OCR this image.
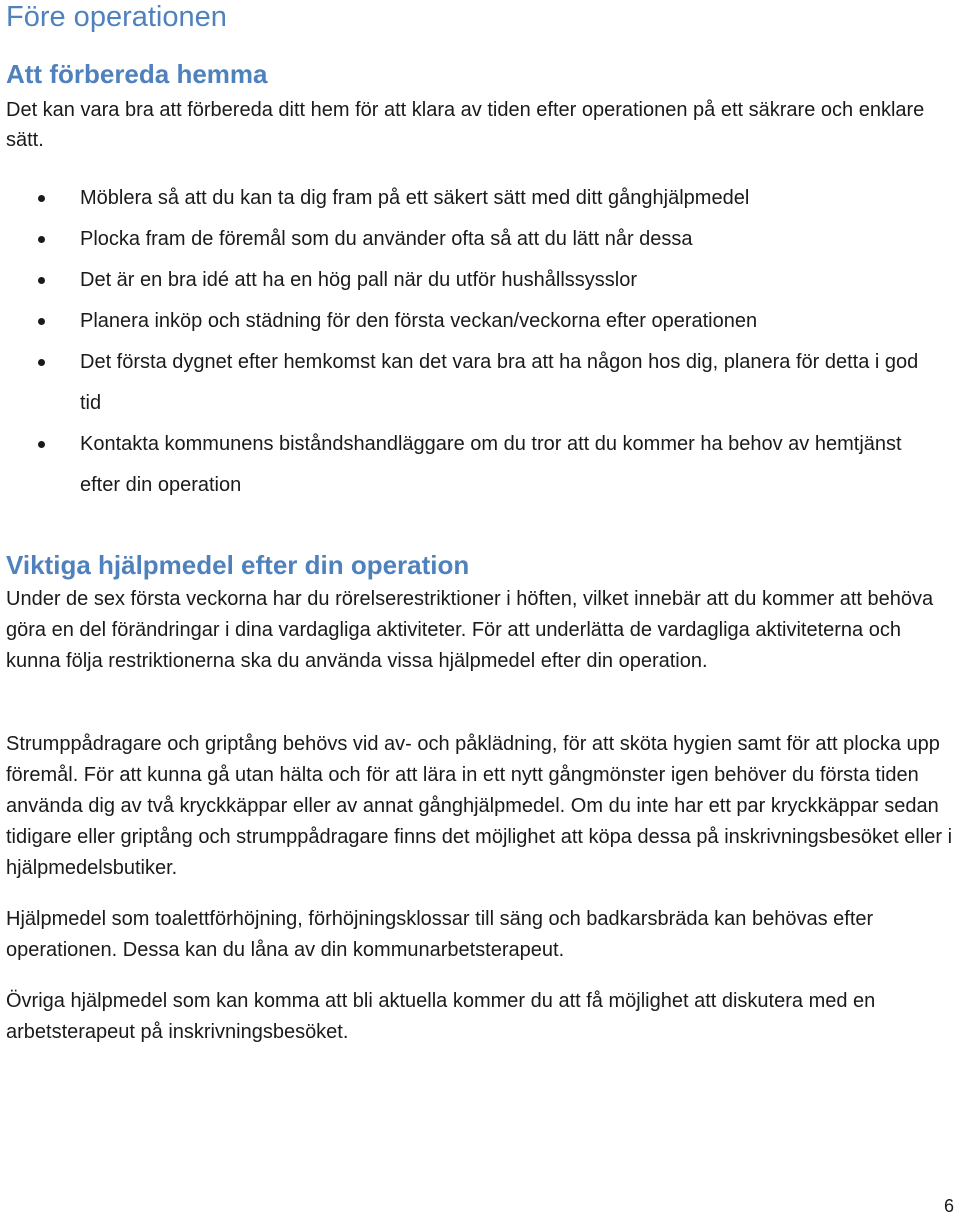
Före operationen
Att förbereda hemma

Det kan vara bra att förbereda ditt hem för att klara av tiden efter operationen på ett säkrare och enklare sätt.

Möblera så att du kan ta dig fram på ett säkert sätt med ditt gånghjälpmedel
Plocka fram de föremål som du använder ofta så att du lätt når dessa
Det är en bra idé att ha en hög pall när du utför hushållssysslor
Planera inköp och städning för den första veckan/veckorna efter operationen
Det första dygnet efter hemkomst kan det vara bra att ha någon hos dig, planera för detta i god tid
Kontakta kommunens biståndshandläggare om du tror att du kommer ha behov av hemtjänst efter din operation
Viktiga hjälpmedel efter din operation

Under de sex första veckorna har du rörelserestriktioner i höften, vilket innebär att du kommer att behöva göra en del förändringar i dina vardagliga aktiviteter. För att underlätta de vardagliga aktiviteterna och kunna följa restriktionerna ska du använda vissa hjälpmedel efter din operation.

Strumppådragare och griptång behövs vid av- och påklädning, för att sköta hygien samt för att plocka upp föremål. För att kunna gå utan hälta och för att lära in ett nytt gångmönster igen behöver du första tiden använda dig av två kryckkäppar eller av annat gånghjälpmedel. Om du inte har ett par kryckkäppar sedan tidigare eller griptång och strumppådragare finns det möjlighet att köpa dessa på inskrivningsbesöket eller i hjälpmedelsbutiker.

Hjälpmedel som toalettförhöjning, förhöjningsklossar till säng och badkarsbräda kan behövas efter operationen. Dessa kan du låna av din kommunarbetsterapeut.

Övriga hjälpmedel som kan komma att bli aktuella kommer du att få möjlighet att diskutera med en arbetsterapeut på inskrivningsbesöket.

6
